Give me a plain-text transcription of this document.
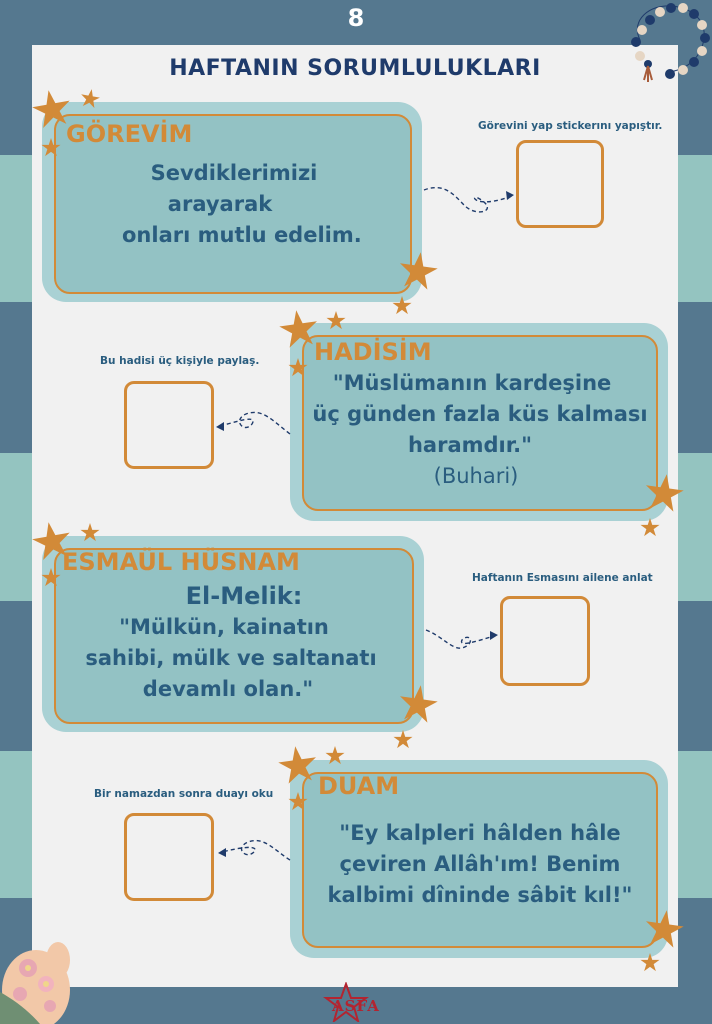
8
HAFTANIN SORUMLULUKLARI
GÖREVİM
Sevdiklerimizi
arayarak
onları mutlu edelim.
Görevini yap stickerını yapıştır.
HADİSİM
"Müslümanın kardeşine
üç günden fazla küs kalması
haramdır."
(Buhari)
Bu hadisi üç kişiyle paylaş.
ESMAÜL HÜSNAM
El-Melik:
"Mülkün, kainatın
sahibi, mülk ve saltanatı
devamlı olan."
Haftanın Esmasını ailene anlat
DUAM
"Ey kalpleri hâlden hâle
çeviren Allâh'ım! Benim
kalbimi dîninde sâbit kıl!"
Bir namazdan sonra duayı oku
ASFA
